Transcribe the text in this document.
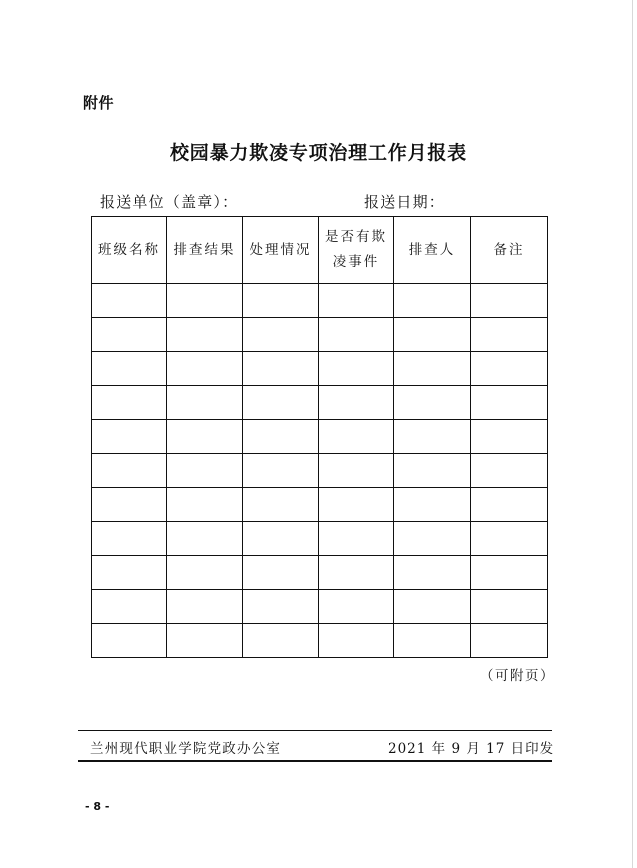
附件
校园暴力欺凌专项治理工作月报表
报送单位（盖章）：	报送日期：
班级名称	排查结果	处理情况	是否有欺凌事件	排查人	备注

（可附页）
兰州现代职业学院党政办公室	2021 年 9 月 17 日印发
- 8 -
